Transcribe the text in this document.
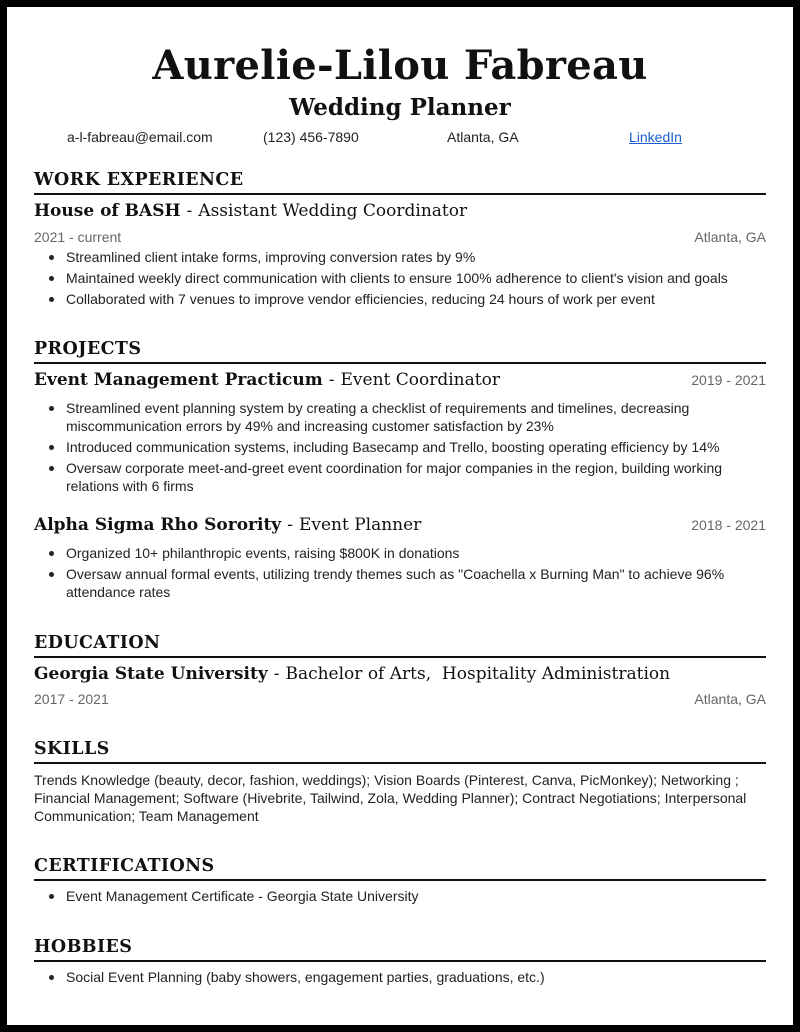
Aurelie-Lilou Fabreau
Wedding Planner
a-l-fabreau@email.com	(123) 456-7890	Atlanta, GA	LinkedIn
WORK EXPERIENCE
House of BASH - Assistant Wedding Coordinator
2021 - current	Atlanta, GA
Streamlined client intake forms, improving conversion rates by 9%
Maintained weekly direct communication with clients to ensure 100% adherence to client's vision and goals
Collaborated with 7 venues to improve vendor efficiencies, reducing 24 hours of work per event
PROJECTS
Event Management Practicum - Event Coordinator	2019 - 2021
Streamlined event planning system by creating a checklist of requirements and timelines, decreasing miscommunication errors by 49% and increasing customer satisfaction by 23%
Introduced communication systems, including Basecamp and Trello, boosting operating efficiency by 14%
Oversaw corporate meet-and-greet event coordination for major companies in the region, building working relations with 6 firms
Alpha Sigma Rho Sorority - Event Planner	2018 - 2021
Organized 10+ philanthropic events, raising $800K in donations
Oversaw annual formal events, utilizing trendy themes such as "Coachella x Burning Man" to achieve 96% attendance rates
EDUCATION
Georgia State University - Bachelor of Arts,  Hospitality Administration
2017 - 2021	Atlanta, GA
SKILLS
Trends Knowledge (beauty, decor, fashion, weddings); Vision Boards (Pinterest, Canva, PicMonkey); Networking ; Financial Management; Software (Hivebrite, Tailwind, Zola, Wedding Planner); Contract Negotiations; Interpersonal Communication; Team Management
CERTIFICATIONS
Event Management Certificate - Georgia State University
HOBBIES
Social Event Planning (baby showers, engagement parties, graduations, etc.)
